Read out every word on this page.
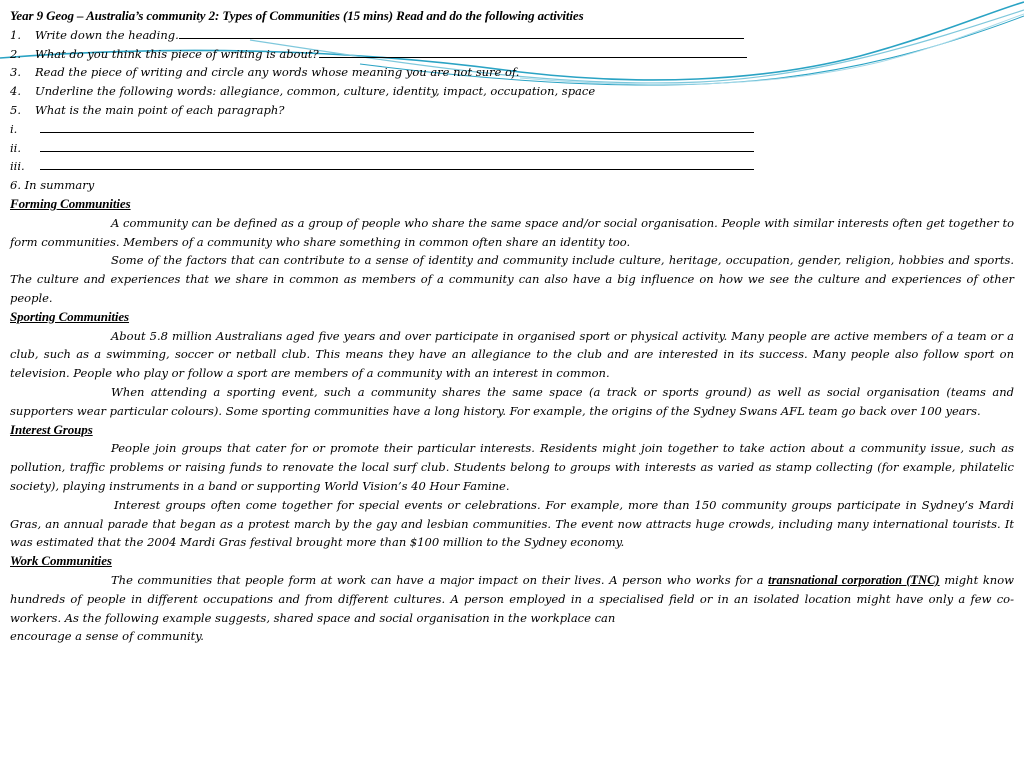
Year 9 Geog – Australia’s community 2: Types of Communities (15 mins) Read and do the following activities
1.	Write down the heading.
2.	What do you think this piece of writing is about?
3.	Read the piece of writing and circle any words whose meaning you are not sure of.
4.	Underline the following words: allegiance, common, culture, identity, impact, occupation, space
5.	What is the main point of each paragraph?
i.
ii.
iii.
6. In summary
Forming Communities

A community can be defined as a group of people who share the same space and/or social organisation. People with similar interests often get together to form communities. Members of a community who share something in common often share an identity too.

Some of the factors that can contribute to a sense of identity and community include culture, heritage, occupation, gender, religion, hobbies and sports. The culture and experiences that we share in common as members of a community can also have a big influence on how we see the culture and experiences of other people.

Sporting Communities

About 5.8 million Australians aged five years and over participate in organised sport or physical activity. Many people are active members of a team or a club, such as a swimming, soccer or netball club. This means they have an allegiance to the club and are interested in its success. Many people also follow sport on television. People who play or follow a sport are members of a community with an interest in common.

When attending a sporting event, such a community shares the same space (a track or sports ground) as well as social organisation (teams and supporters wear particular colours). Some sporting communities have a long history. For example, the origins of the Sydney Swans AFL team go back over 100 years.

Interest Groups

People join groups that cater for or promote their particular interests. Residents might join together to take action about a community issue, such as pollution, traffic problems or raising funds to renovate the local surf club. Students belong to groups with interests as varied as stamp collecting (for example, philatelic society), playing instruments in a band or supporting World Vision’s 40 Hour Famine.

Interest groups often come together for special events or celebrations. For example, more than 150 community groups participate in Sydney’s Mardi Gras, an annual parade that began as a protest march by the gay and lesbian communities. The event now attracts huge crowds, including many international tourists. It was estimated that the 2004 Mardi Gras festival brought more than $100 million to the Sydney economy.

Work Communities

The communities that people form at work can have a major impact on their lives. A person who works for a transnational corporation (TNC) might know hundreds of people in different occupations and from different cultures. A person employed in a specialised field or in an isolated location might have only a few co-workers. As the following example suggests, shared space and social organisation in the workplace can

encourage a sense of community.
